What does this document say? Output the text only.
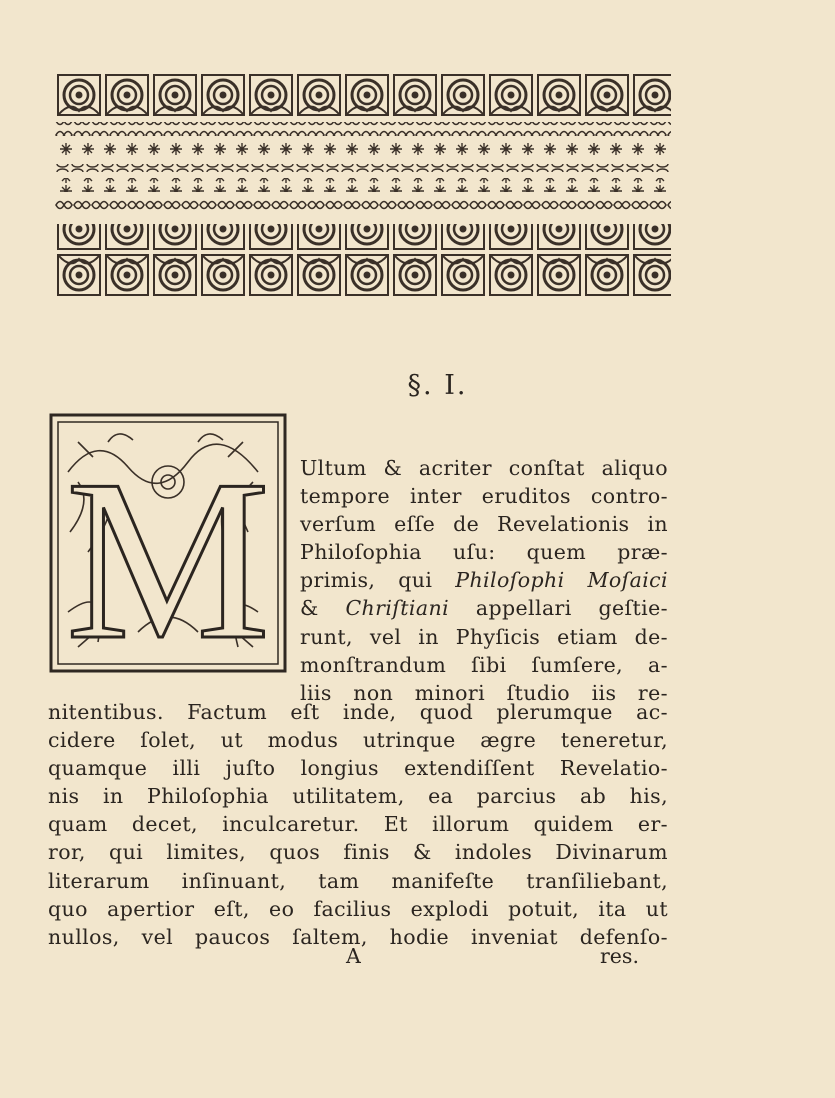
§. I.
M Ultum & acriter conſtat aliquo
tempore inter eruditos contro-
verſum eſſe de Revelationis in
Philoſophia uſu: quem præ-
primis, qui Philoſophi Moſaici
& Chriſtiani appellari geſtie-
runt, vel in Phyſicis etiam de-
monſtrandum ſibi ſumſere, a-
liis non minori ſtudio iis re-
nitentibus. Factum eſt inde, quod plerumque ac-
cidere ſolet, ut modus utrinque ægre teneretur,
quamque illi juſto longius extendiſſent Revelatio-
nis in Philoſophia utilitatem, ea parcius ab his,
quam decet, inculcaretur. Et illorum quidem er-
ror, qui limites, quos finis & indoles Divinarum
literarum inſinuant, tam manifeſte tranſiliebant,
quo apertior eſt, eo facilius explodi potuit, ita ut
nullos, vel paucos ſaltem, hodie inveniat defenſo-
A	res.
